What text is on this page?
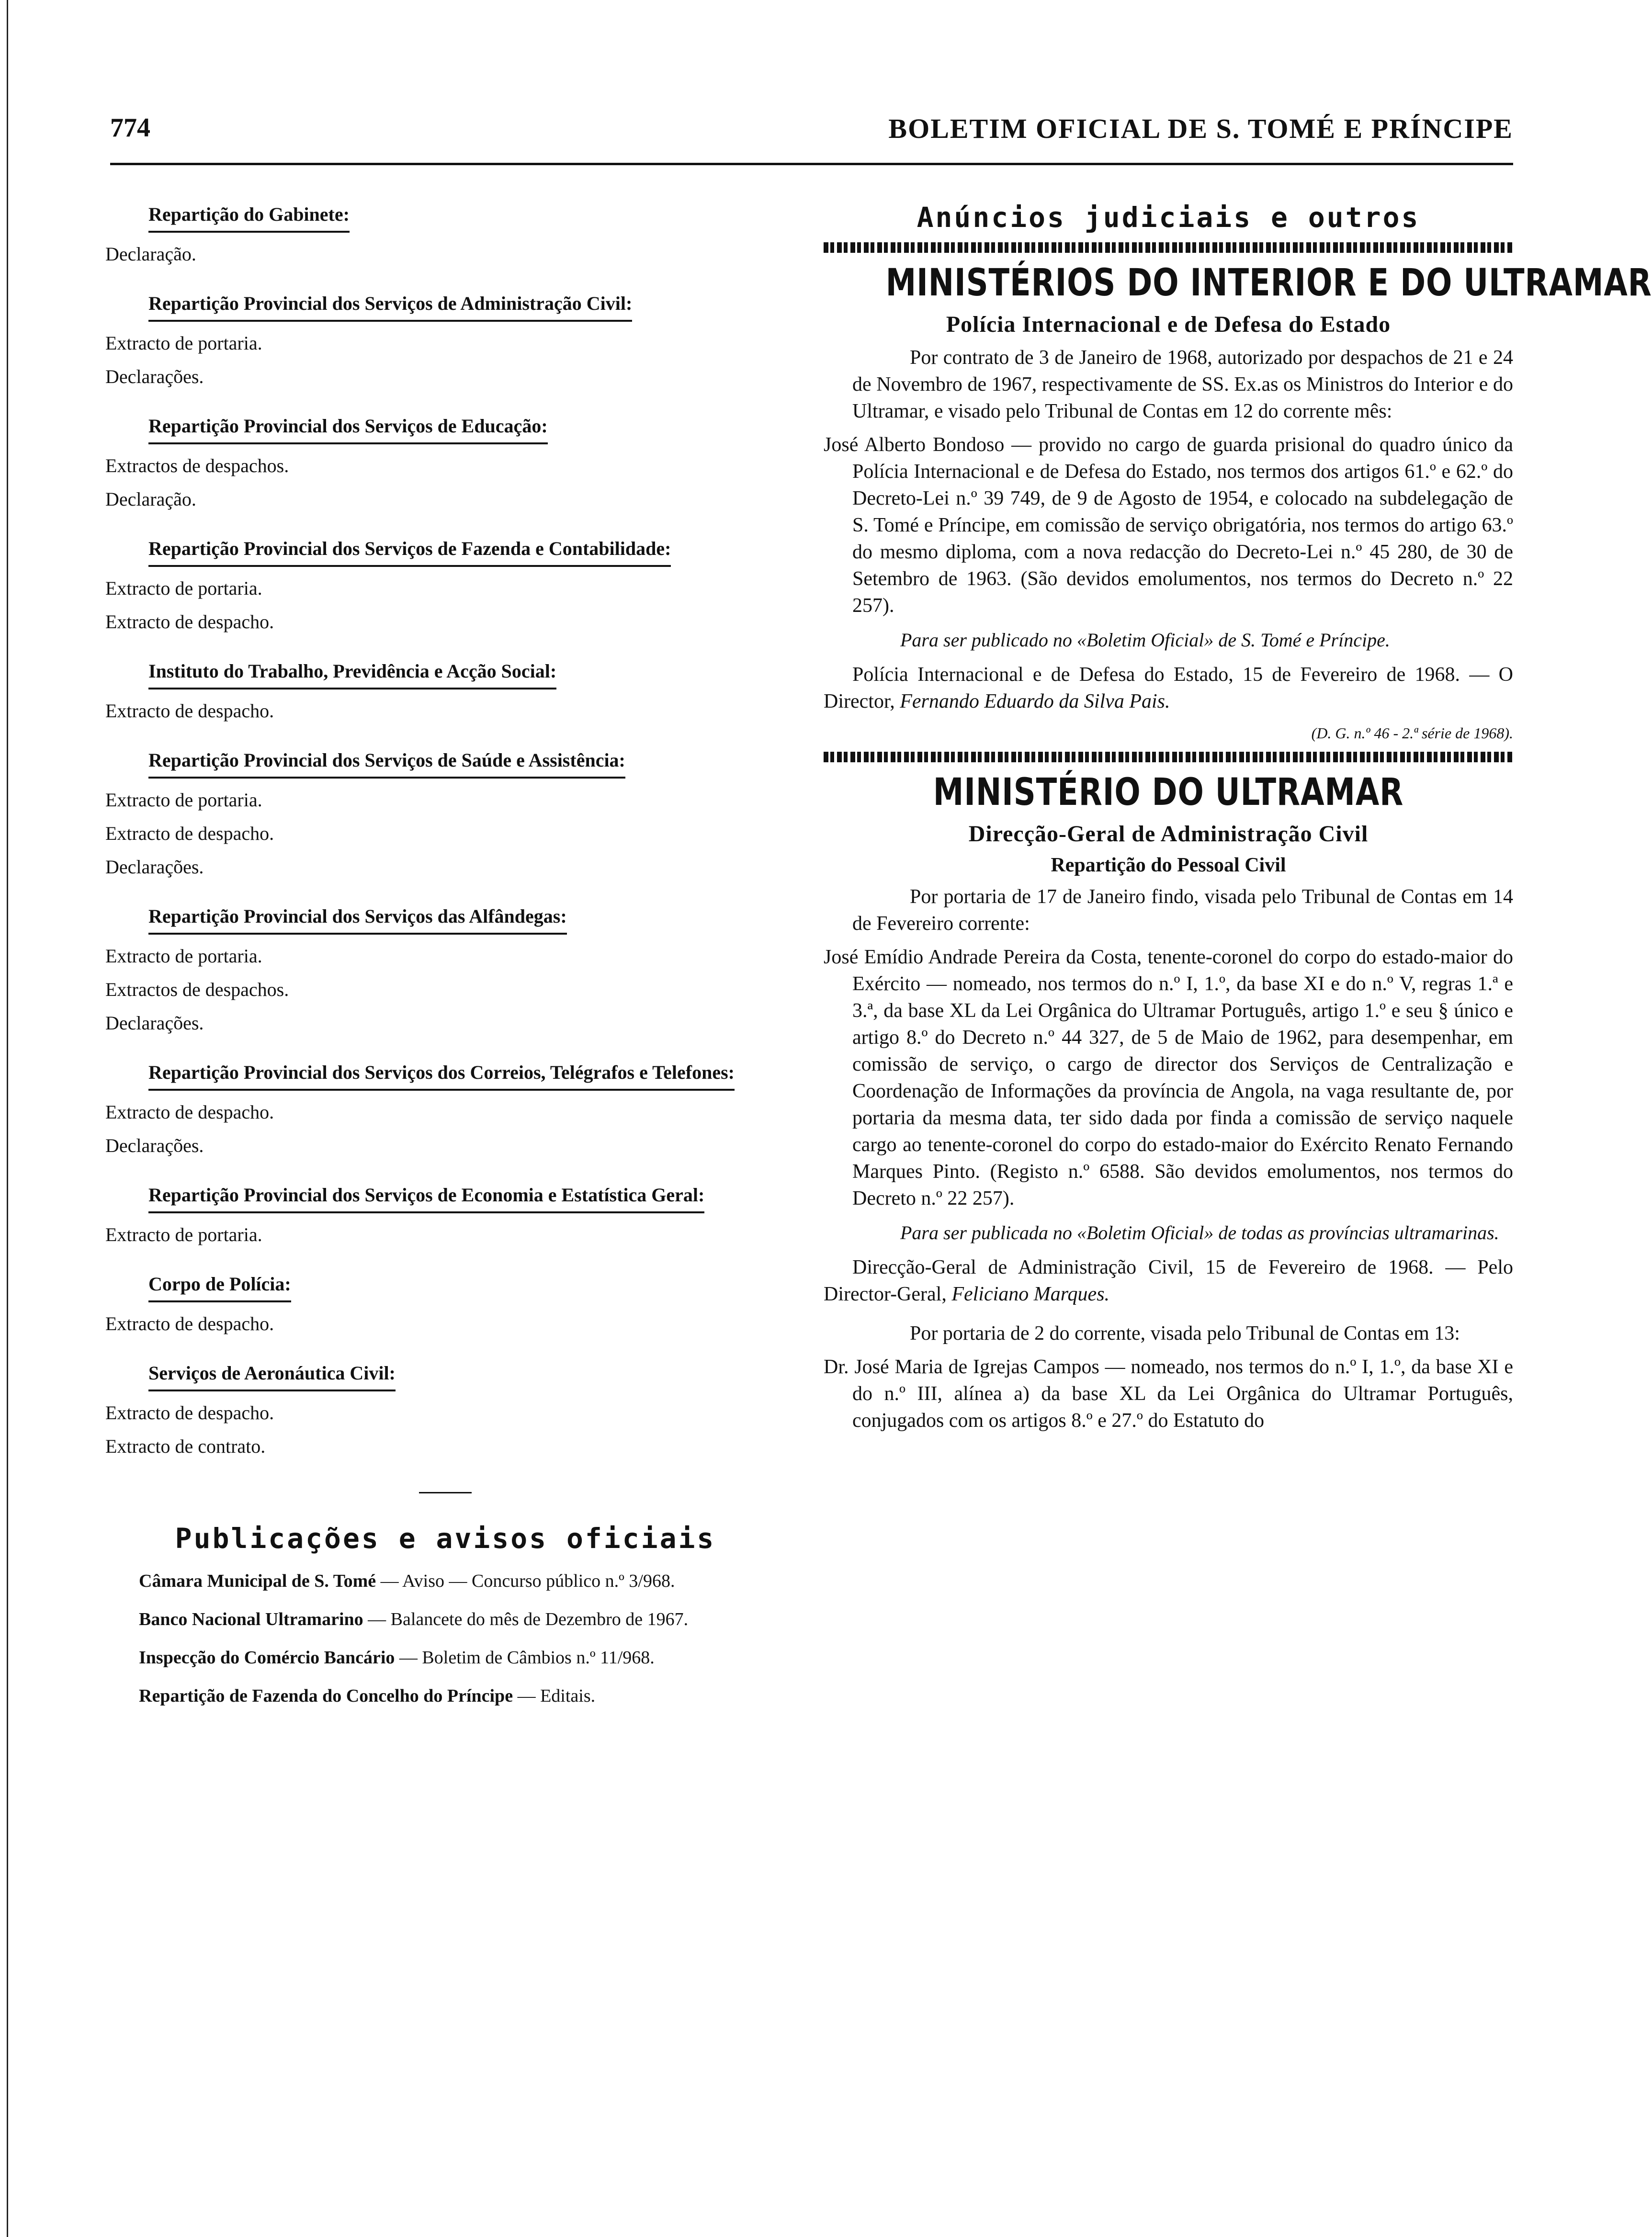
774	BOLETIM OFICIAL DE S. TOMÉ E PRÍNCIPE
Repartição do Gabinete:
Declaração.
Repartição Provincial dos Serviços de Administração Civil:
Extracto de portaria.
Declarações.
Repartição Provincial dos Serviços de Educação:
Extractos de despachos.
Declaração.
Repartição Provincial dos Serviços de Fazenda e Contabilidade:
Extracto de portaria.
Extracto de despacho.
Instituto do Trabalho, Previdência e Acção Social:
Extracto de despacho.
Repartição Provincial dos Serviços de Saúde e Assistência:
Extracto de portaria.
Extracto de despacho.
Declarações.
Repartição Provincial dos Serviços das Alfândegas:
Extracto de portaria.
Extractos de despachos.
Declarações.
Repartição Provincial dos Serviços dos Correios, Telégrafos e Telefones:
Extracto de despacho.
Declarações.
Repartição Provincial dos Serviços de Economia e Estatística Geral:
Extracto de portaria.
Corpo de Polícia:
Extracto de despacho.
Serviços de Aeronáutica Civil:
Extracto de despacho.
Extracto de contrato.
Publicações e avisos oficiais
Câmara Municipal de S. Tomé — Aviso — Concurso público n.º 3/968.
Banco Nacional Ultramarino — Balancete do mês de Dezembro de 1967.
Inspecção do Comércio Bancário — Boletim de Câmbios n.º 11/968.
Repartição de Fazenda do Concelho do Príncipe — Editais.
Anúncios judiciais e outros
MINISTÉRIOS DO INTERIOR E DO ULTRAMAR
Polícia Internacional e de Defesa do Estado

Por contrato de 3 de Janeiro de 1968, autorizado por despachos de 21 e 24 de Novembro de 1967, respectivamente de SS. Ex.as os Ministros do Interior e do Ultramar, e visado pelo Tribunal de Contas em 12 do corrente mês:

José Alberto Bondoso — provido no cargo de guarda prisional do quadro único da Polícia Internacional e de Defesa do Estado, nos termos dos artigos 61.º e 62.º do Decreto-Lei n.º 39 749, de 9 de Agosto de 1954, e colocado na subdelegação de S. Tomé e Príncipe, em comissão de serviço obrigatória, nos termos do artigo 63.º do mesmo diploma, com a nova redacção do Decreto-Lei n.º 45 280, de 30 de Setembro de 1963. (São devidos emolumentos, nos termos do Decreto n.º 22 257).

Para ser publicado no «Boletim Oficial» de S. Tomé e Príncipe.
Polícia Internacional e de Defesa do Estado, 15 de Fevereiro de 1968. — O Director, Fernando Eduardo da Silva Pais.
(D. G. n.º 46 - 2.ª série de 1968).
MINISTÉRIO DO ULTRAMAR
Direcção-Geral de Administração Civil
Repartição do Pessoal Civil

Por portaria de 17 de Janeiro findo, visada pelo Tribunal de Contas em 14 de Fevereiro corrente:

José Emídio Andrade Pereira da Costa, tenente-coronel do corpo do estado-maior do Exército — nomeado, nos termos do n.º I, 1.º, da base XI e do n.º V, regras 1.ª e 3.ª, da base XL da Lei Orgânica do Ultramar Português, artigo 1.º e seu § único e artigo 8.º do Decreto n.º 44 327, de 5 de Maio de 1962, para desempenhar, em comissão de serviço, o cargo de director dos Serviços de Centralização e Coordenação de Informações da província de Angola, na vaga resultante de, por portaria da mesma data, ter sido dada por finda a comissão de serviço naquele cargo ao tenente-coronel do corpo do estado-maior do Exército Renato Fernando Marques Pinto. (Registo n.º 6588. São devidos emolumentos, nos termos do Decreto n.º 22 257).

Para ser publicada no «Boletim Oficial» de todas as províncias ultramarinas.
Direcção-Geral de Administração Civil, 15 de Fevereiro de 1968. — Pelo Director-Geral, Feliciano Marques.

Por portaria de 2 do corrente, visada pelo Tribunal de Contas em 13:

Dr. José Maria de Igrejas Campos — nomeado, nos termos do n.º I, 1.º, da base XI e do n.º III, alínea a) da base XL da Lei Orgânica do Ultramar Português, conjugados com os artigos 8.º e 27.º do Estatuto do
